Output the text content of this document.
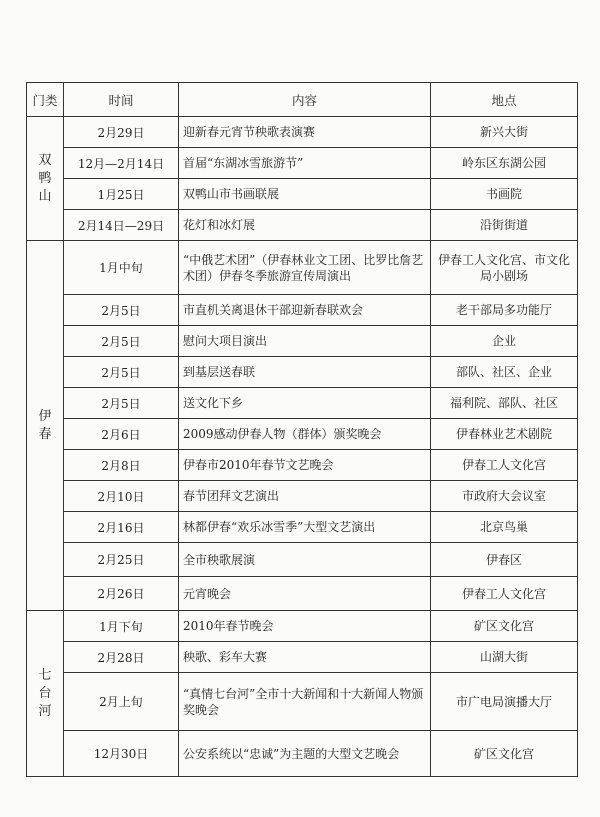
门类	时间	内容	地点

双
鸭
山	2月29日	迎新春元宵节秧歌表演赛	新兴大街
	12月—2月14日	首届“东湖冰雪旅游节”	岭东区东湖公园
	1月25日	双鸭山市书画联展	书画院
	2月14日—29日	花灯和冰灯展	沿街街道

伊
春	1月中旬	“中俄艺术团”（伊春林业文工团、比罗比詹艺术团）伊春冬季旅游宣传周演出	伊春工人文化宫、市文化局小剧场
	2月5日	市直机关离退休干部迎新春联欢会	老干部局多功能厅
	2月5日	慰问大项目演出	企业
	2月5日	到基层送春联	部队、社区、企业
	2月5日	送文化下乡	福利院、部队、社区
	2月6日	2009感动伊春人物（群体）颁奖晚会	伊春林业艺术剧院
	2月8日	伊春市2010年春节文艺晚会	伊春工人文化宫
	2月10日	春节团拜文艺演出	市政府大会议室
	2月16日	林都伊春“欢乐冰雪季”大型文艺演出	北京鸟巢
	2月25日	全市秧歌展演	伊春区
	2月26日	元宵晚会	伊春工人文化宫

七
台
河	1月下旬	2010年春节晚会	矿区文化宫
	2月28日	秧歌、彩车大赛	山湖大街
	2月上旬	“真情七台河”全市十大新闻和十大新闻人物颁奖晚会	市广电局演播大厅
	12月30日	公安系统以“忠诚”为主题的大型文艺晚会	矿区文化宫
